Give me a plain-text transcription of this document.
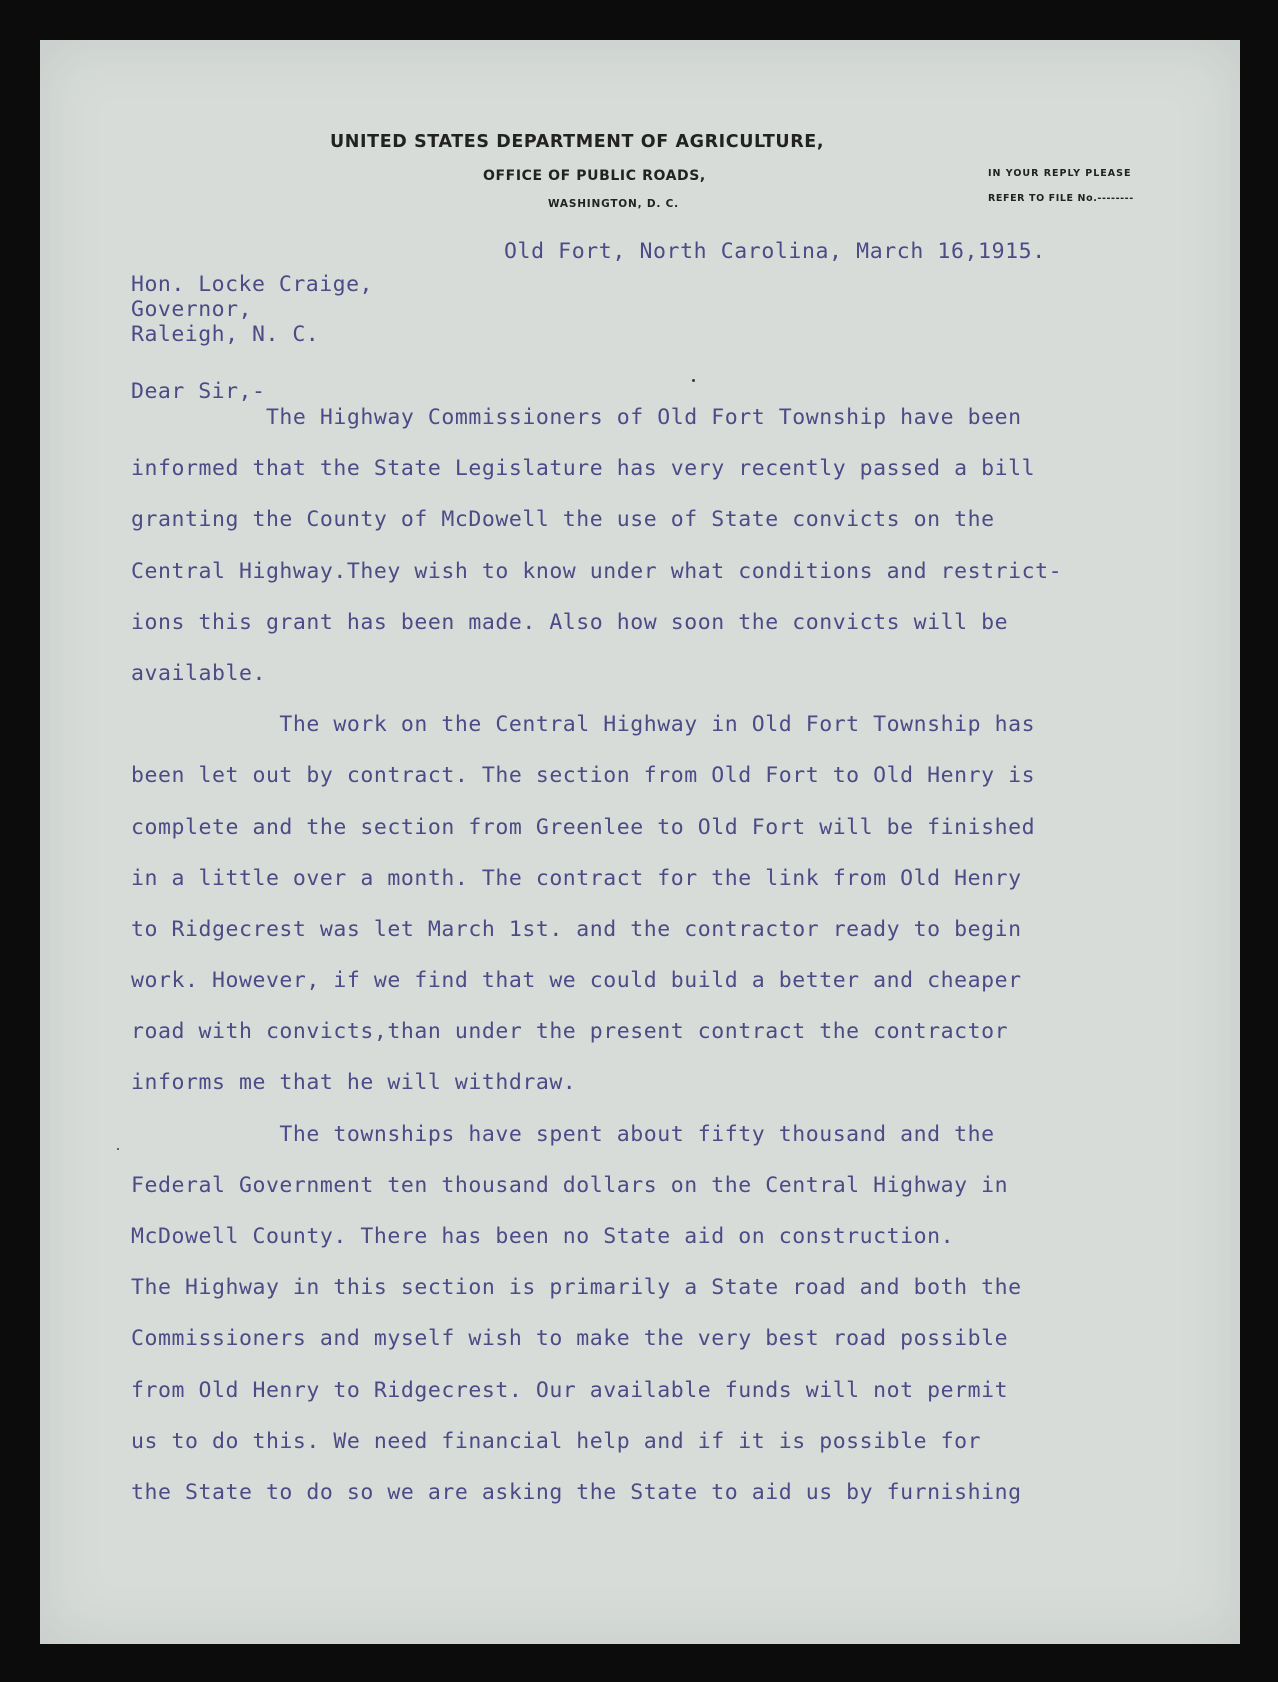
UNITED STATES DEPARTMENT OF AGRICULTURE,
OFFICE OF PUBLIC ROADS,
WASHINGTON, D. C.
IN YOUR REPLY PLEASE
REFER TO FILE No.--------
Old Fort, North Carolina, March 16,1915.
Hon. Locke Craige,
Governor,
Raleigh, N. C.
Dear Sir,-
The Highway Commissioners of Old Fort Township have been
informed that the State Legislature has very recently passed a bill
granting the County of McDowell the use of State convicts on the
Central Highway.They wish to know under what conditions and restrict-
ions this grant has been made. Also how soon the convicts will be
available.
The work on the Central Highway in Old Fort Township has
been let out by contract. The section from Old Fort to Old Henry is
complete and the section from Greenlee to Old Fort will be finished
in a little over a month. The contract for the link from Old Henry
to Ridgecrest was let March 1st. and the contractor ready to begin
work. However, if we find that we could build a better and cheaper
road with convicts,than under the present contract the contractor
informs me that he will withdraw.
The townships have spent about fifty thousand and the
Federal Government ten thousand dollars on the Central Highway in
McDowell County. There has been no State aid on construction.
The Highway in this section is primarily a State road and both the
Commissioners and myself wish to make the very best road possible
from Old Henry to Ridgecrest. Our available funds will not permit
us to do this. We need financial help and if it is possible for
the State to do so we are asking the State to aid us by furnishing
